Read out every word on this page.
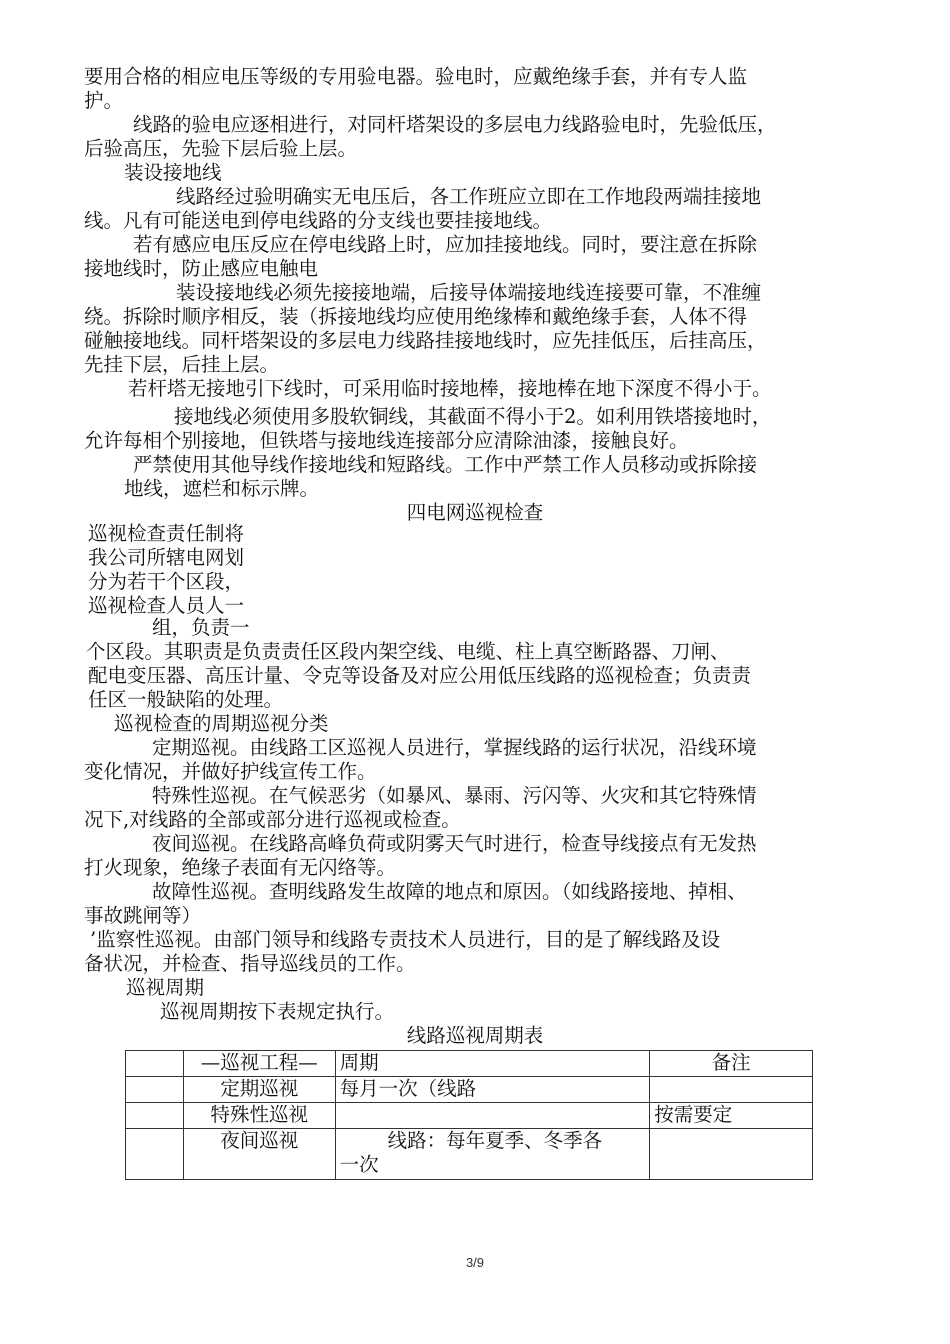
要用合格的相应电压等级的专用验电器。验电时，应戴绝缘手套，并有专人监
护。
线路的验电应逐相进行，对同杆塔架设的多层电力线路验电时，先验低压，
后验高压，先验下层后验上层。
装设接地线
线路经过验明确实无电压后，各工作班应立即在工作地段两端挂接地
线。凡有可能送电到停电线路的分支线也要挂接地线。
若有感应电压反应在停电线路上时，应加挂接地线。同时，要注意在拆除
接地线时，防止感应电触电
装设接地线必须先接接地端，后接导体端接地线连接要可靠，不准缠
绕。拆除时顺序相反，装（拆接地线均应使用绝缘棒和戴绝缘手套，人体不得
碰触接地线。同杆塔架设的多层电力线路挂接地线时，应先挂低压，后挂高压，
先挂下层，后挂上层。
若杆塔无接地引下线时，可采用临时接地棒，接地棒在地下深度不得小于。
接地线必须使用多股软铜线，其截面不得小于2。如利用铁塔接地时，
允许每相个别接地，但铁塔与接地线连接部分应清除油漆，接触良好。
严禁使用其他导线作接地线和短路线。工作中严禁工作人员移动或拆除接
地线，遮栏和标示牌。
四电网巡视检查
巡视检查责任制将
我公司所辖电网划
分为若干个区段，
巡视检查人员人一
组，负责一
个区段。其职责是负责责任区段内架空线、电缆、柱上真空断路器、刀闸、
配电变压器、高压计量、令克等设备及对应公用低压线路的巡视检查；负责责
任区一般缺陷的处理。
巡视检查的周期巡视分类
定期巡视。由线路工区巡视人员进行，掌握线路的运行状况，沿线环境
变化情况，并做好护线宣传工作。
特殊性巡视。在气候恶劣（如暴风、暴雨、污闪等、火灾和其它特殊情
况下,对线路的全部或部分进行巡视或检查。
夜间巡视。在线路高峰负荷或阴雾天气时进行，检查导线接点有无发热
打火现象，绝缘子表面有无闪络等。
故障性巡视。查明线路发生故障的地点和原因。（如线路接地、掉相、
事故跳闸等）
’监察性巡视。由部门领导和线路专责技术人员进行，目的是了解线路及设
备状况，并检查、指导巡线员的工作。
巡视周期
巡视周期按下表规定执行。
线路巡视周期表
	—巡视工程—	周期	备注
	定期巡视	每月一次（线路	
	特殊性巡视		按需要定
	夜间巡视	线路：每年夏季、冬季各
一次	

3/9
